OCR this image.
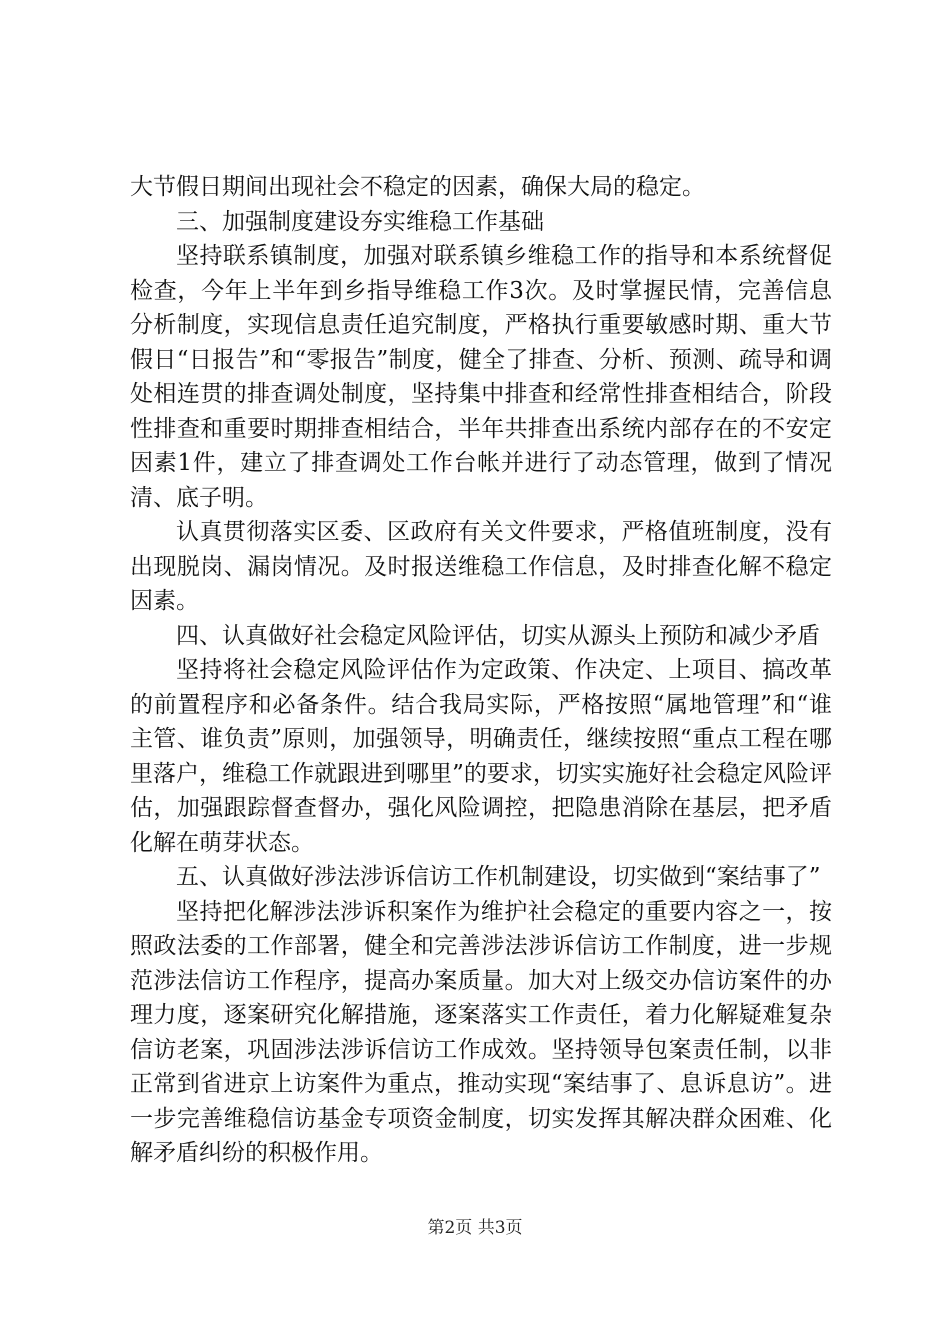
大节假日期间出现社会不稳定的因素，确保大局的稳定。

三、加强制度建设夯实维稳工作基础

坚持联系镇制度，加强对联系镇乡维稳工作的指导和本系统督促检查，今年上半年到乡指导维稳工作3次。及时掌握民情，完善信息分析制度，实现信息责任追究制度，严格执行重要敏感时期、重大节假日“日报告”和“零报告”制度，健全了排查、分析、预测、疏导和调处相连贯的排查调处制度，坚持集中排查和经常性排查相结合，阶段性排查和重要时期排查相结合，半年共排查出系统内部存在的不安定因素1件，建立了排查调处工作台帐并进行了动态管理，做到了情况清、底子明。

认真贯彻落实区委、区政府有关文件要求，严格值班制度，没有出现脱岗、漏岗情况。及时报送维稳工作信息，及时排查化解不稳定因素。

四、认真做好社会稳定风险评估，切实从源头上预防和减少矛盾

坚持将社会稳定风险评估作为定政策、作决定、上项目、搞改革的前置程序和必备条件。结合我局实际，严格按照“属地管理”和“谁主管、谁负责”原则，加强领导，明确责任，继续按照“重点工程在哪里落户，维稳工作就跟进到哪里”的要求，切实实施好社会稳定风险评估，加强跟踪督查督办，强化风险调控，把隐患消除在基层，把矛盾化解在萌芽状态。

五、认真做好涉法涉诉信访工作机制建设，切实做到“案结事了”

坚持把化解涉法涉诉积案作为维护社会稳定的重要内容之一，按照政法委的工作部署，健全和完善涉法涉诉信访工作制度，进一步规范涉法信访工作程序，提高办案质量。加大对上级交办信访案件的办理力度，逐案研究化解措施，逐案落实工作责任，着力化解疑难复杂信访老案，巩固涉法涉诉信访工作成效。坚持领导包案责任制，以非正常到省进京上访案件为重点，推动实现“案结事了、息诉息访”。进一步完善维稳信访基金专项资金制度，切实发挥其解决群众困难、化解矛盾纠纷的积极作用。

第2页 共3页
